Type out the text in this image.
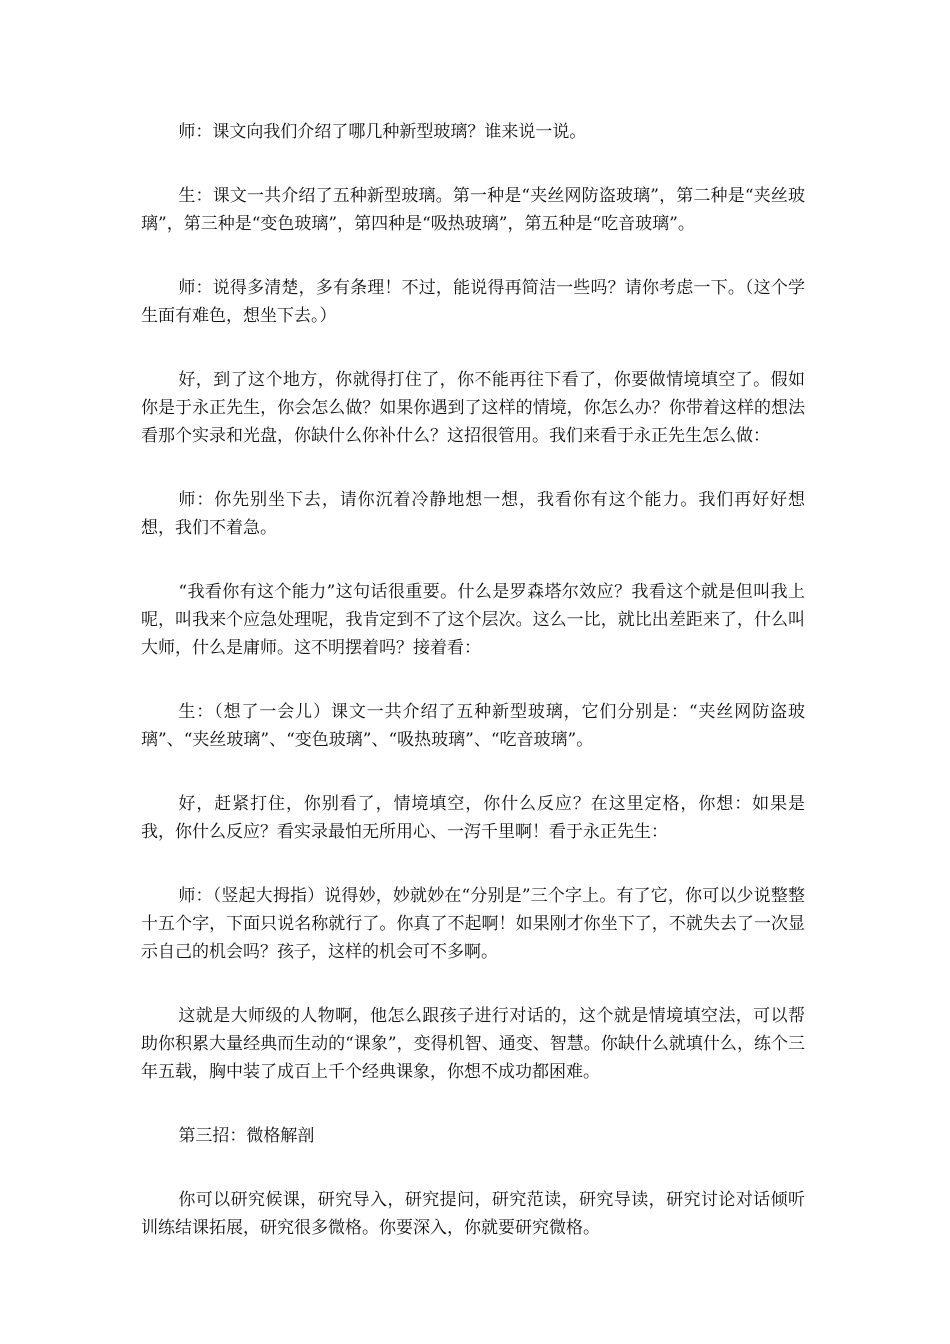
师：课文向我们介绍了哪几种新型玻璃？谁来说一说。

生：课文一共介绍了五种新型玻璃。第一种是“夹丝网防盗玻璃”，第二种是“夹丝玻璃”，第三种是“变色玻璃”，第四种是“吸热玻璃”，第五种是“吃音玻璃”。

师：说得多清楚，多有条理！不过，能说得再简洁一些吗？请你考虑一下。（这个学生面有难色，想坐下去。）

好，到了这个地方，你就得打住了，你不能再往下看了，你要做情境填空了。假如你是于永正先生，你会怎么做？如果你遇到了这样的情境，你怎么办？你带着这样的想法看那个实录和光盘，你缺什么你补什么？这招很管用。我们来看于永正先生怎么做：

师：你先别坐下去，请你沉着冷静地想一想，我看你有这个能力。我们再好好想想，我们不着急。

“我看你有这个能力”这句话很重要。什么是罗森塔尔效应？我看这个就是但叫我上呢，叫我来个应急处理呢，我肯定到不了这个层次。这么一比，就比出差距来了，什么叫大师，什么是庸师。这不明摆着吗？接着看：

生：（想了一会儿）课文一共介绍了五种新型玻璃，它们分别是：“夹丝网防盗玻璃”、“夹丝玻璃”、“变色玻璃”、“吸热玻璃”、“吃音玻璃”。

好，赶紧打住，你别看了，情境填空，你什么反应？在这里定格，你想：如果是我，你什么反应？看实录最怕无所用心、一泻千里啊！看于永正先生：

师：（竖起大拇指）说得妙，妙就妙在“分别是”三个字上。有了它，你可以少说整整十五个字，下面只说名称就行了。你真了不起啊！如果刚才你坐下了，不就失去了一次显示自己的机会吗？孩子，这样的机会可不多啊。

这就是大师级的人物啊，他怎么跟孩子进行对话的，这个就是情境填空法，可以帮助你积累大量经典而生动的“课象”，变得机智、通变、智慧。你缺什么就填什么，练个三年五载，胸中装了成百上千个经典课象，你想不成功都困难。

第三招：微格解剖

你可以研究候课，研究导入，研究提问，研究范读，研究导读，研究讨论对话倾听训练结课拓展，研究很多微格。你要深入，你就要研究微格。
